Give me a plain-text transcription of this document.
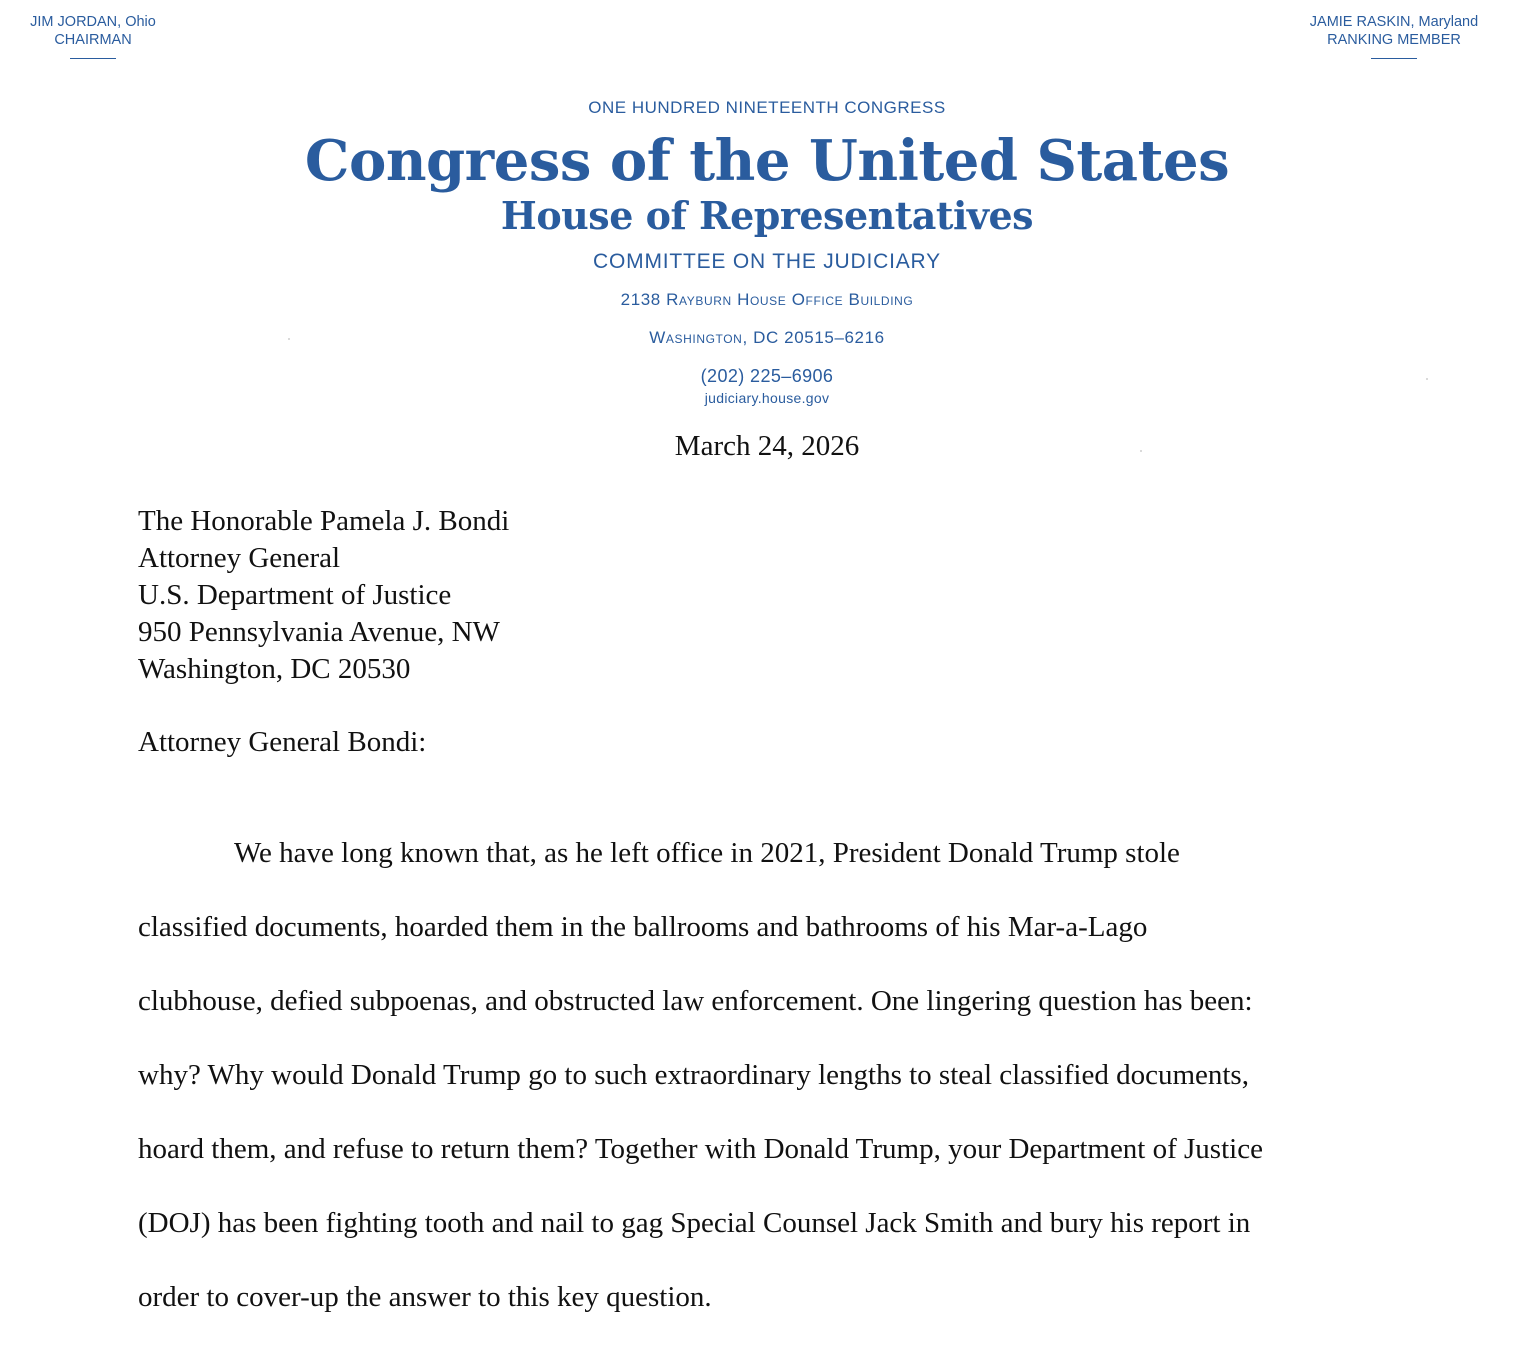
JIM JORDAN, Ohio
CHAIRMAN
JAMIE RASKIN, Maryland
RANKING MEMBER
ONE HUNDRED NINETEENTH CONGRESS
Congress of the United States
House of Representatives
COMMITTEE ON THE JUDICIARY
2138 Rayburn House Office Building
Washington, DC 20515–6216
(202) 225–6906
judiciary.house.gov
March 24, 2026
The Honorable Pamela J. Bondi
Attorney General
U.S. Department of Justice
950 Pennsylvania Avenue, NW
Washington, DC 20530
Attorney General Bondi:

We have long known that, as he left office in 2021, President Donald Trump stole

classified documents, hoarded them in the ballrooms and bathrooms of his Mar-a-Lago

clubhouse, defied subpoenas, and obstructed law enforcement. One lingering question has been:

why? Why would Donald Trump go to such extraordinary lengths to steal classified documents,

hoard them, and refuse to return them? Together with Donald Trump, your Department of Justice

(DOJ) has been fighting tooth and nail to gag Special Counsel Jack Smith and bury his report in

order to cover-up the answer to this key question.
